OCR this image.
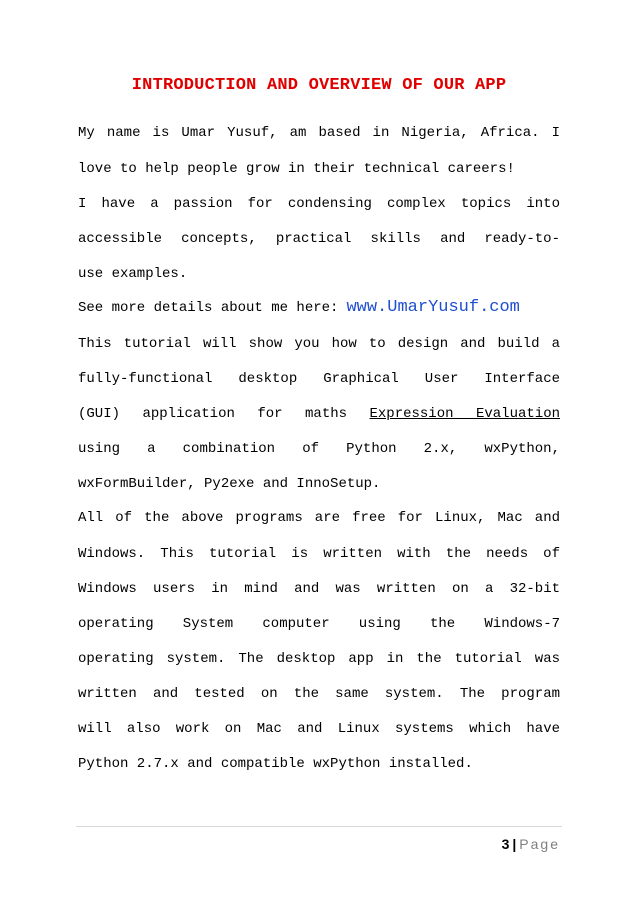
INTRODUCTION AND OVERVIEW OF OUR APP
My name is Umar Yusuf, am based in Nigeria, Africa. I
love to help people grow in their technical careers!
I have a passion for condensing complex topics into
accessible concepts, practical skills and ready-to-
use examples.
See more details about me here: www.UmarYusuf.com
This tutorial will show you how to design and build a
fully-functional desktop Graphical User Interface
(GUI) application for maths Expression Evaluation
using a combination of Python 2.x, wxPython,
wxFormBuilder, Py2exe and InnoSetup.
All of the above programs are free for Linux, Mac and
Windows. This tutorial is written with the needs of
Windows users in mind and was written on a 32-bit
operating System computer using the Windows-7
operating system. The desktop app in the tutorial was
written and tested on the same system. The program
will also work on Mac and Linux systems which have
Python 2.7.x and compatible wxPython installed.
3 | Page
